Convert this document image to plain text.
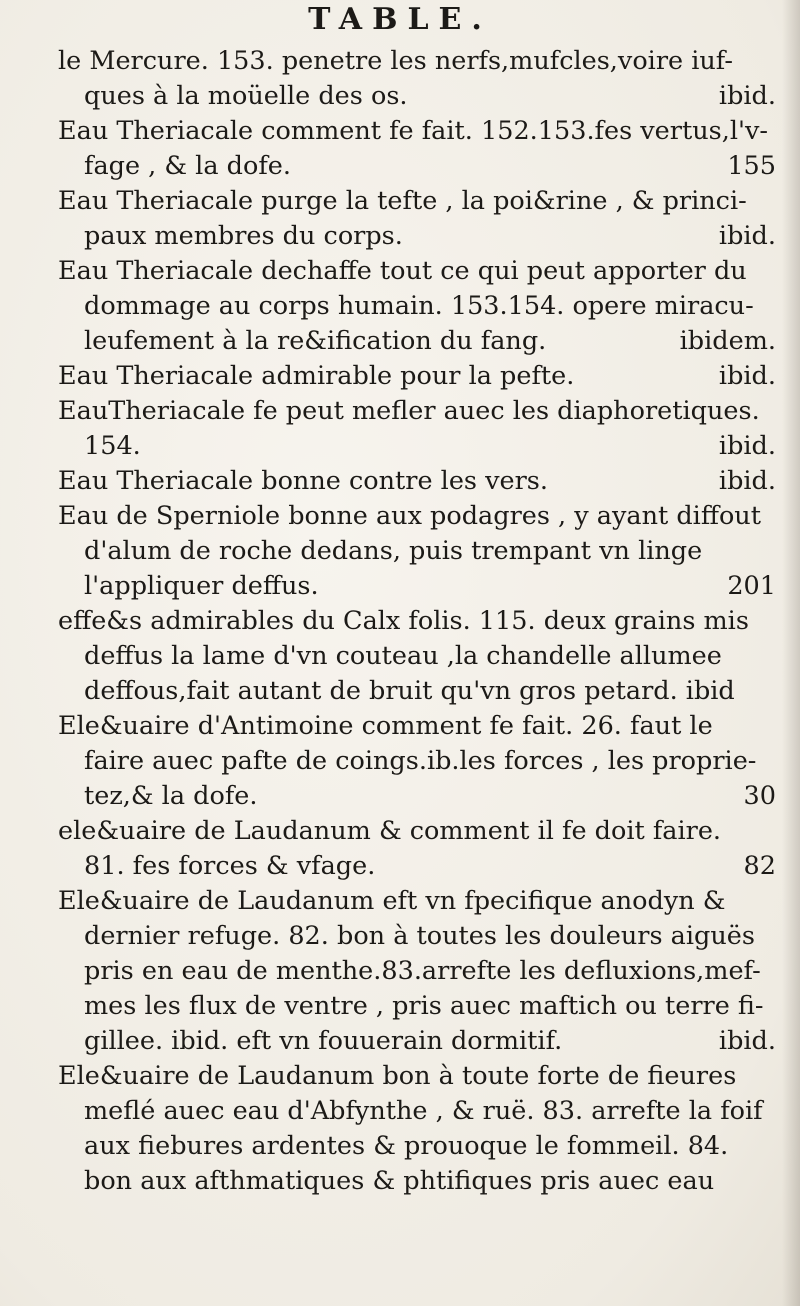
TABLE.
le Mercure. 153. penetre les nerfs,mufcles,voire iuf-
ques à la moüelle des os.	ibid.
Eau Theriacale comment fe fait. 152.153.fes vertus,l'v-
fage , & la dofe.	155
Eau Theriacale purge la tefte , la poi&rine , & princi-
paux membres du corps.	ibid.
Eau Theriacale dechaffe tout ce qui peut apporter du
dommage au corps humain. 153.154. opere miracu-
leufement à la re&ification du fang.	ibidem.
Eau Theriacale admirable pour la pefte.	ibid.
EauTheriacale fe peut mefler auec les diaphoretiques.
154.	ibid.
Eau Theriacale bonne contre les vers.	ibid.
Eau de Sperniole bonne aux podagres , y ayant diffout
d'alum de roche dedans, puis trempant vn linge
l'appliquer deffus.	201
effe&s admirables du Calx folis. 115. deux grains mis
deffus la lame d'vn couteau ,la chandelle allumee
deffous,fait autant de bruit qu'vn gros petard. ibid
Ele&uaire d'Antimoine comment fe fait. 26. faut le
faire auec pafte de coings.ib.les forces , les proprie-
tez,& la dofe.	30
ele&uaire de Laudanum & comment il fe doit faire.
81. fes forces & vfage.	82
Ele&uaire de Laudanum eft vn fpecifique anodyn &
dernier refuge. 82. bon à toutes les douleurs aiguës
pris en eau de menthe.83.arrefte les defluxions,mef-
mes les flux de ventre , pris auec maftich ou terre fi-
gillee. ibid. eft vn fouuerain dormitif.	ibid.
Ele&uaire de Laudanum bon à toute forte de fieures
meflé auec eau d'Abfynthe , & ruë. 83. arrefte la foif
aux fiebures ardentes & prouoque le fommeil. 84.
bon aux afthmatiques & phtifiques pris auec eau
